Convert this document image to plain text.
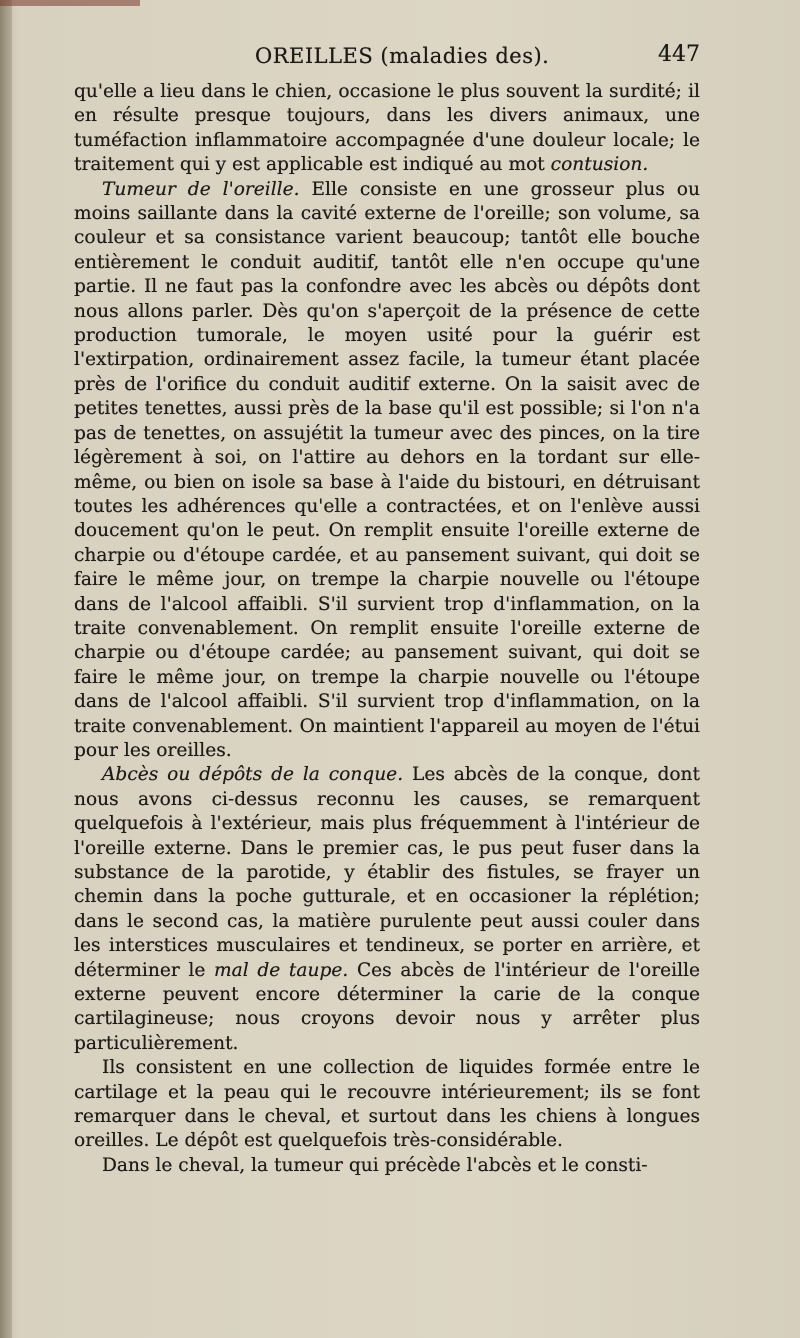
OREILLES (maladies des).	447

qu'elle a lieu dans le chien, occasione le plus souvent la surdité; il en résulte presque toujours, dans les divers animaux, une tuméfaction inflammatoire accompagnée d'une douleur locale; le traitement qui y est applicable est indiqué au mot contusion.

Tumeur de l'oreille. Elle consiste en une grosseur plus ou moins saillante dans la cavité externe de l'oreille; son volume, sa couleur et sa consistance varient beaucoup; tantôt elle bouche entièrement le conduit auditif, tantôt elle n'en occupe qu'une partie. Il ne faut pas la confondre avec les abcès ou dépôts dont nous allons parler. Dès qu'on s'aperçoit de la présence de cette production tumorale, le moyen usité pour la guérir est l'extirpation, ordinairement assez facile, la tumeur étant placée près de l'orifice du conduit auditif externe. On la saisit avec de petites tenettes, aussi près de la base qu'il est possible; si l'on n'a pas de tenettes, on assujétit la tumeur avec des pinces, on la tire légèrement à soi, on l'attire au dehors en la tordant sur elle-même, ou bien on isole sa base à l'aide du bistouri, en détruisant toutes les adhérences qu'elle a contractées, et on l'enlève aussi doucement qu'on le peut. On remplit ensuite l'oreille externe de charpie ou d'étoupe cardée, et au pansement suivant, qui doit se faire le même jour, on trempe la charpie nouvelle ou l'étoupe dans de l'alcool affaibli. S'il survient trop d'inflammation, on la traite convenablement. On remplit ensuite l'oreille externe de charpie ou d'étoupe cardée; au pansement suivant, qui doit se faire le même jour, on trempe la charpie nouvelle ou l'étoupe dans de l'alcool affaibli. S'il survient trop d'inflammation, on la traite convenablement. On maintient l'appareil au moyen de l'étui pour les oreilles.

Abcès ou dépôts de la conque. Les abcès de la conque, dont nous avons ci-dessus reconnu les causes, se remarquent quelquefois à l'extérieur, mais plus fréquemment à l'intérieur de l'oreille externe. Dans le premier cas, le pus peut fuser dans la substance de la parotide, y établir des fistules, se frayer un chemin dans la poche gutturale, et en occasioner la réplétion; dans le second cas, la matière purulente peut aussi couler dans les interstices musculaires et tendineux, se porter en arrière, et déterminer le mal de taupe. Ces abcès de l'intérieur de l'oreille externe peuvent encore déterminer la carie de la conque cartilagineuse; nous croyons devoir nous y arrêter plus particulièrement.

Ils consistent en une collection de liquides formée entre le cartilage et la peau qui le recouvre intérieurement; ils se font remarquer dans le cheval, et surtout dans les chiens à longues oreilles. Le dépôt est quelquefois très-considérable.

Dans le cheval, la tumeur qui précède l'abcès et le consti-
